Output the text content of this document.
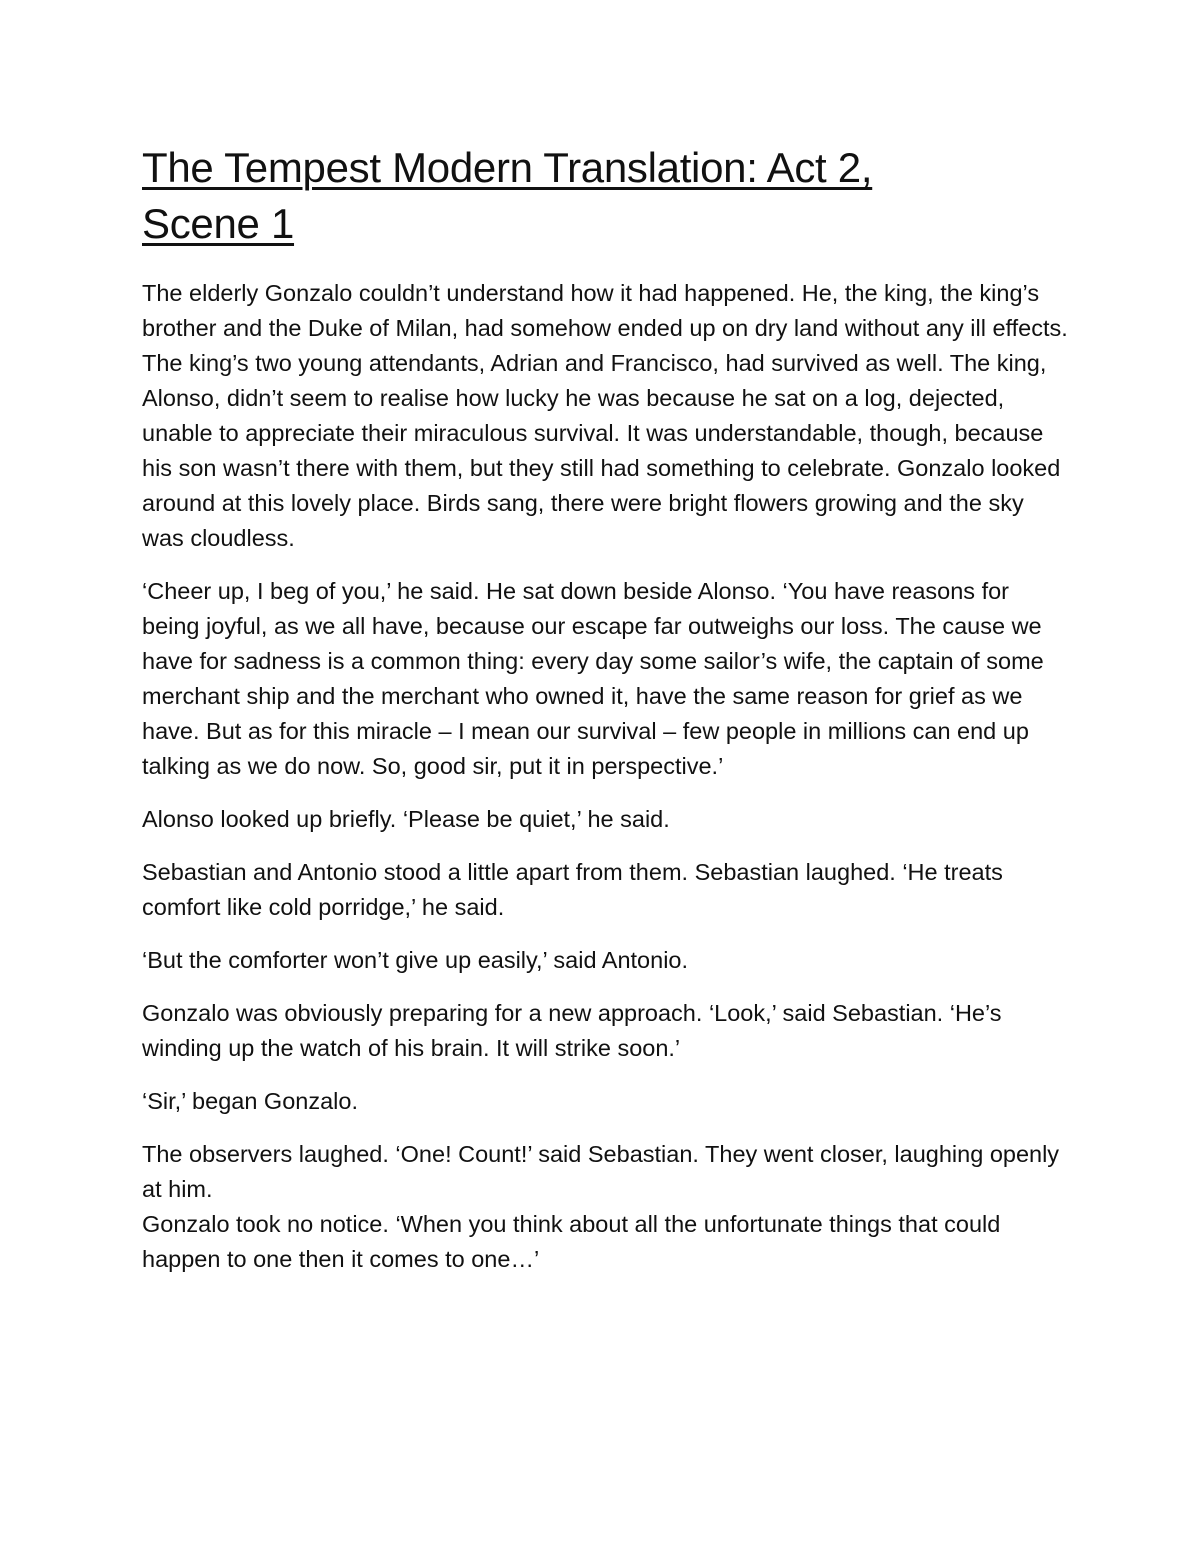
The Tempest Modern Translation: Act 2,
Scene 1

The elderly Gonzalo couldn’t understand how it had happened. He, the king, the king’s brother and the Duke of Milan, had somehow ended up on dry land without any ill effects. The king’s two young attendants, Adrian and Francisco, had survived as well. The king, Alonso, didn’t seem to realise how lucky he was because he sat on a log, dejected, unable to appreciate their miraculous survival. It was understandable, though, because his son wasn’t there with them, but they still had something to celebrate. Gonzalo looked around at this lovely place. Birds sang, there were bright flowers growing and the sky was cloudless.

‘Cheer up, I beg of you,’ he said. He sat down beside Alonso. ‘You have reasons for being joyful, as we all have, because our escape far outweighs our loss. The cause we have for sadness is a common thing: every day some sailor’s wife, the captain of some merchant ship and the merchant who owned it, have the same reason for grief as we have. But as for this miracle – I mean our survival – few people in millions can end up talking as we do now. So, good sir, put it in perspective.’

Alonso looked up briefly. ‘Please be quiet,’ he said.

Sebastian and Antonio stood a little apart from them. Sebastian laughed. ‘He treats comfort like cold porridge,’ he said.

‘But the comforter won’t give up easily,’ said Antonio.

Gonzalo was obviously preparing for a new approach. ‘Look,’ said Sebastian. ‘He’s winding up the watch of his brain. It will strike soon.’

‘Sir,’ began Gonzalo.

The observers laughed. ‘One! Count!’ said Sebastian. They went closer, laughing openly at him.

Gonzalo took no notice. ‘When you think about all the unfortunate things that could happen to one then it comes to one…’
